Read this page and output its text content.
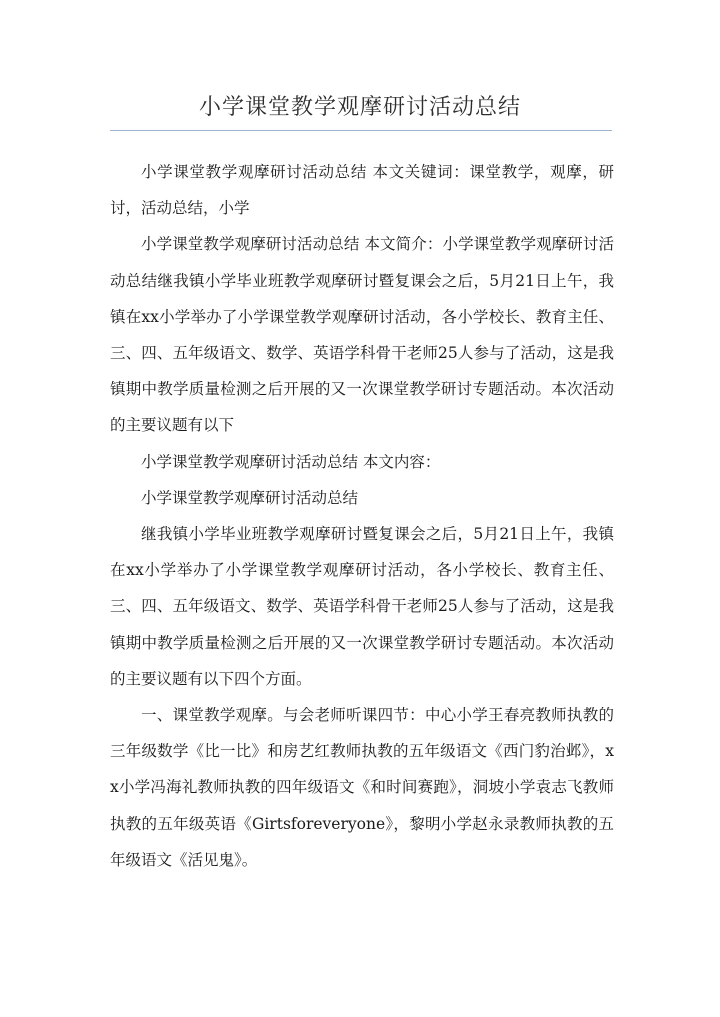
小学课堂教学观摩研讨活动总结

小学课堂教学观摩研讨活动总结 本文关键词：课堂教学，观摩，研讨，活动总结，小学

小学课堂教学观摩研讨活动总结 本文简介：小学课堂教学观摩研讨活动总结继我镇小学毕业班教学观摩研讨暨复课会之后，5月21日上午，我镇在xx小学举办了小学课堂教学观摩研讨活动，各小学校长、教育主任、三、四、五年级语文、数学、英语学科骨干老师25人参与了活动，这是我镇期中教学质量检测之后开展的又一次课堂教学研讨专题活动。本次活动的主要议题有以下

小学课堂教学观摩研讨活动总结 本文内容：

小学课堂教学观摩研讨活动总结

继我镇小学毕业班教学观摩研讨暨复课会之后，5月21日上午，我镇在xx小学举办了小学课堂教学观摩研讨活动，各小学校长、教育主任、三、四、五年级语文、数学、英语学科骨干老师25人参与了活动，这是我镇期中教学质量检测之后开展的又一次课堂教学研讨专题活动。本次活动的主要议题有以下四个方面。

一、课堂教学观摩。与会老师听课四节：中心小学王春亮教师执教的三年级数学《比一比》和房艺红教师执教的五年级语文《西门豹治邺》，xx小学冯海礼教师执教的四年级语文《和时间赛跑》，洞坡小学袁志飞教师执教的五年级英语《Girtsforeveryone》，黎明小学赵永录教师执教的五年级语文《活见鬼》。
